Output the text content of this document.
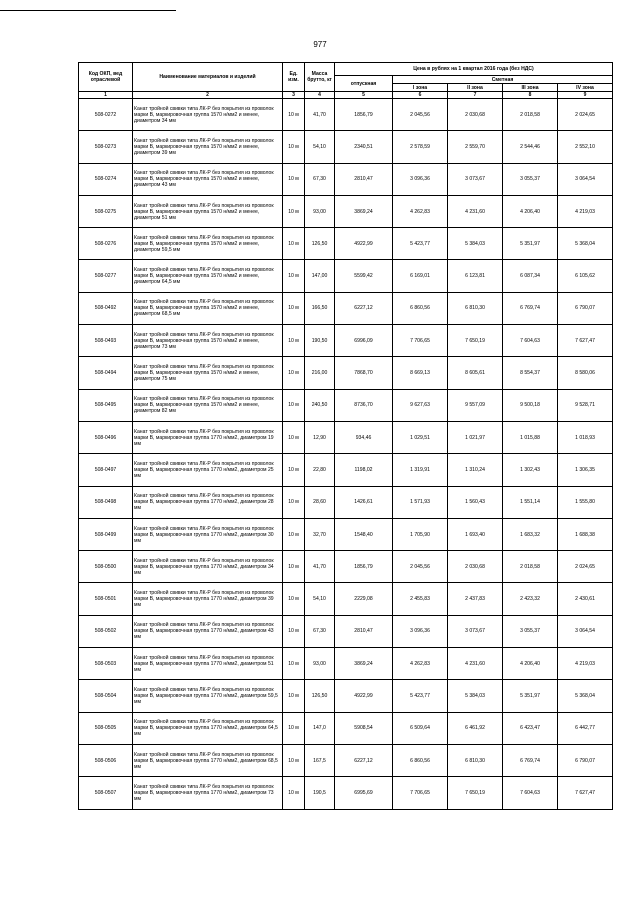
977
Код ОКП, вед отраслевой	Наименование материалов и изделий	Ед. изм.	Масса брутто, кг	Цена в рублях на 1 квартал 2016 года (без НДС)				
				отпускная	Сметная			
					I зона	II зона	III зона	IV зона
1	2	3	4	5	6	7	8	9
508-0272	Канат тройной свивки типа ЛК-Р без покрытия из проволок марки В, маркировочная группа 1570 н/мм2 и менее, диаметром 34 мм	10 м	41,70	1856,79	2 045,56	2 030,68	2 018,58	2 024,65
508-0273	Канат тройной свивки типа ЛК-Р без покрытия из проволок марки В, маркировочная группа 1570 н/мм2 и менее, диаметром 39 мм	10 м	54,10	2340,51	2 578,59	2 559,70	2 544,46	2 552,10
508-0274	Канат тройной свивки типа ЛК-Р без покрытия из проволок марки В, маркировочная группа 1570 н/мм2 и менее, диаметром 43 мм	10 м	67,30	2810,47	3 096,36	3 073,67	3 055,37	3 064,54
508-0275	Канат тройной свивки типа ЛК-Р без покрытия из проволок марки В, маркировочная группа 1570 н/мм2 и менее, диаметром 51 мм	10 м	93,00	3869,24	4 262,83	4 231,60	4 206,40	4 219,03
508-0276	Канат тройной свивки типа ЛК-Р без покрытия из проволок марки В, маркировочная группа 1570 н/мм2 и менее, диаметром 59,5 мм	10 м	126,50	4922,99	5 423,77	5 384,03	5 351,97	5 368,04
508-0277	Канат тройной свивки типа ЛК-Р без покрытия из проволок марки В, маркировочная группа 1570 н/мм2 и менее, диаметром 64,5 мм	10 м	147,00	5599,42	6 169,01	6 123,81	6 087,34	6 105,62
508-0492	Канат тройной свивки типа ЛК-Р без покрытия из проволок марки В, маркировочная группа 1570 н/мм2 и менее, диаметром 68,5 мм	10 м	166,50	6227,12	6 860,56	6 810,30	6 769,74	6 790,07
508-0493	Канат тройной свивки типа ЛК-Р без покрытия из проволок марки В, маркировочная группа 1570 н/мм2 и менее, диаметром 73 мм	10 м	190,50	6996,09	7 706,65	7 650,19	7 604,63	7 627,47
508-0494	Канат тройной свивки типа ЛК-Р без покрытия из проволок марки В, маркировочная группа 1570 н/мм2 и менее, диаметром 75 мм	10 м	216,00	7868,70	8 669,13	8 605,61	8 554,37	8 580,06
508-0495	Канат тройной свивки типа ЛК-Р без покрытия из проволок марки В, маркировочная группа 1570 н/мм2 и менее, диаметром 82 мм	10 м	240,50	8736,70	9 627,63	9 557,09	9 500,18	9 528,71
508-0496	Канат тройной свивки типа ЛК-Р без покрытия из проволок марки В, маркировочная группа 1770 н/мм2, диаметром 19 мм	10 м	12,90	934,46	1 029,51	1 021,97	1 015,88	1 018,93
508-0497	Канат тройной свивки типа ЛК-Р без покрытия из проволок марки В, маркировочная группа 1770 н/мм2, диаметром 25 мм	10 м	22,80	1198,02	1 319,91	1 310,24	1 302,43	1 306,35
508-0498	Канат тройной свивки типа ЛК-Р без покрытия из проволок марки В, маркировочная группа 1770 н/мм2, диаметром 28 мм	10 м	28,60	1426,61	1 571,93	1 560,43	1 551,14	1 555,80
508-0499	Канат тройной свивки типа ЛК-Р без покрытия из проволок марки В, маркировочная группа 1770 н/мм2, диаметром 30 мм	10 м	32,70	1548,40	1 705,90	1 693,40	1 683,32	1 688,38
508-0500	Канат тройной свивки типа ЛК-Р без покрытия из проволок марки В, маркировочная группа 1770 н/мм2, диаметром 34 мм	10 м	41,70	1856,79	2 045,56	2 030,68	2 018,58	2 024,65
508-0501	Канат тройной свивки типа ЛК-Р без покрытия из проволок марки В, маркировочная группа 1770 н/мм2, диаметром 39 мм	10 м	54,10	2229,08	2 455,83	2 437,83	2 423,32	2 430,61
508-0502	Канат тройной свивки типа ЛК-Р без покрытия из проволок марки В, маркировочная группа 1770 н/мм2, диаметром 43 мм	10 м	67,30	2810,47	3 096,36	3 073,67	3 055,37	3 064,54
508-0503	Канат тройной свивки типа ЛК-Р без покрытия из проволок марки В, маркировочная группа 1770 н/мм2, диаметром 51 мм	10 м	93,00	3869,24	4 262,83	4 231,60	4 206,40	4 219,03
508-0504	Канат тройной свивки типа ЛК-Р без покрытия из проволок марки В, маркировочная группа 1770 н/мм2, диаметром 59,5 мм	10 м	126,50	4922,99	5 423,77	5 384,03	5 351,97	5 368,04
508-0505	Канат тройной свивки типа ЛК-Р без покрытия из проволок марки В, маркировочная группа 1770 н/мм2, диаметром 64,5 мм	10 м	147,0	5908,54	6 509,64	6 461,92	6 423,47	6 442,77
508-0506	Канат тройной свивки типа ЛК-Р без покрытия из проволок марки В, маркировочная группа 1770 н/мм2, диаметром 68,5 мм	10 м	167,5	6227,12	6 860,56	6 810,30	6 769,74	6 790,07
508-0507	Канат тройной свивки типа ЛК-Р без покрытия из проволок марки В, маркировочная группа 1770 н/мм2, диаметром 73 мм	10 м	190,5	6995,69	7 706,65	7 650,19	7 604,63	7 627,47
